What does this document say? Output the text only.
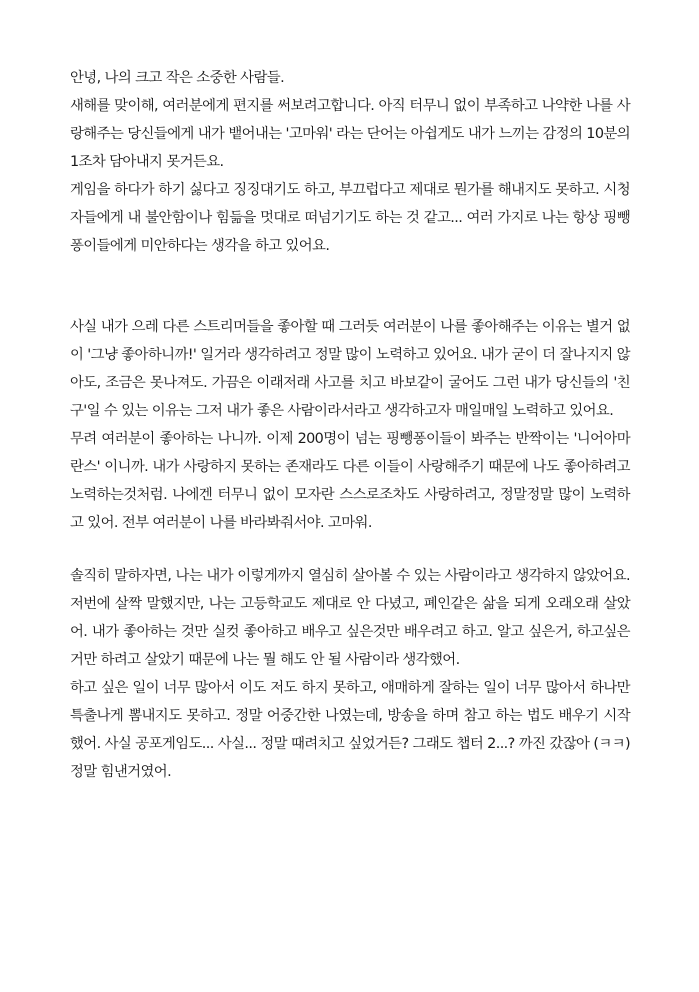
안녕, 나의 크고 작은 소중한 사람들.

새해를 맞이해, 여러분에게 편지를 써보려고합니다. 아직 터무니 없이 부족하고 나약한 나를 사랑해주는 당신들에게 내가 뱉어내는 '고마워' 라는 단어는 아쉽게도 내가 느끼는 감정의 10분의 1조차 담아내지 못거든요.

게임을 하다가 하기 싫다고 징징대기도 하고, 부끄럽다고 제대로 뭔가를 해내지도 못하고. 시청자들에게 내 불안함이나 힘듦을 멋대로 떠넘기기도 하는 것 같고... 여러 가지로 나는 항상 핑뺑퐁이들에게 미안하다는 생각을 하고 있어요.

사실 내가 으레 다른 스트리머들을 좋아할 때 그러듯 여러분이 나를 좋아해주는 이유는 별거 없이 '그냥 좋아하니까!' 일거라 생각하려고 정말 많이 노력하고 있어요. 내가 굳이 더 잘나지지 않아도, 조금은 못나져도. 가끔은 이래저래 사고를 치고 바보같이 굴어도 그런 내가 당신들의 '친구'일 수 있는 이유는 그저 내가 좋은 사람이라서라고 생각하고자 매일매일 노력하고 있어요.

무려 여러분이 좋아하는 나니까. 이제 200명이 넘는 핑뺑퐁이들이 봐주는 반짝이는 '니어아마란스' 이니까. 내가 사랑하지 못하는 존재라도 다른 이들이 사랑해주기 때문에 나도 좋아하려고 노력하는것처럼. 나에겐 터무니 없이 모자란 스스로조차도 사랑하려고, 정말정말 많이 노력하고 있어. 전부 여러분이 나를 바라봐줘서야. 고마워.

솔직히 말하자면, 나는 내가 이렇게까지 열심히 살아볼 수 있는 사람이라고 생각하지 않았어요. 저번에 살짝 말했지만, 나는 고등학교도 제대로 안 다녔고, 폐인같은 삶을 되게 오래오래 살았어. 내가 좋아하는 것만 실컷 좋아하고 배우고 싶은것만 배우려고 하고. 알고 싶은거, 하고싶은거만 하려고 살았기 때문에 나는 뭘 해도 안 될 사람이라 생각했어.

하고 싶은 일이 너무 많아서 이도 저도 하지 못하고, 애매하게 잘하는 일이 너무 많아서 하나만 특출나게 뽐내지도 못하고. 정말 어중간한 나였는데, 방송을 하며 참고 하는 법도 배우기 시작했어. 사실 공포게임도... 사실... 정말 때려치고 싶었거든? 그래도 챕터 2...? 까진 갔잖아 (ㅋㅋ) 정말 힘낸거였어.
